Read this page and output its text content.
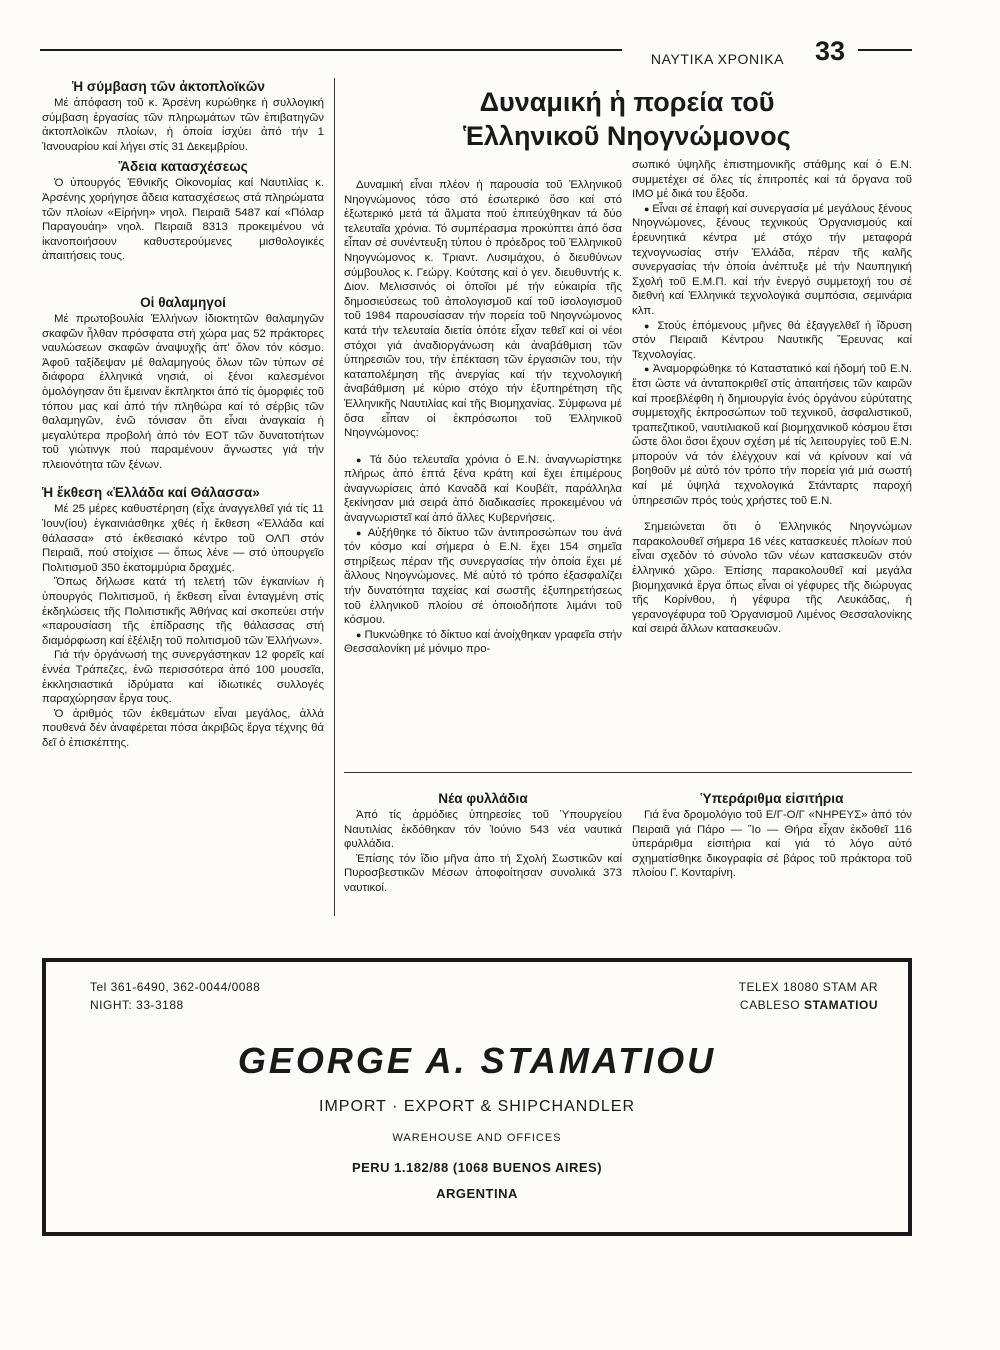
ΝΑΥΤΙΚΑ ΧΡΟΝΙΚΑ	33
Ἡ σύμβαση τῶν ἀκτοπλοϊκῶν

Μέ ἀπόφαση τοῦ κ. Ἀρσένη κυρώθηκε ἡ συλλογική σύμβαση ἐργασίας τῶν πληρωμάτων τῶν ἐπιβατηγῶν ἀκτοπλοϊκῶν πλοίων, ἡ ὁποία ἰσχύει ἀπό τήν 1 Ἰανουαρίου καί λήγει στίς 31 Δεκεμβρίου.

Ἄδεια κατασχέσεως

Ὁ ὑπουργός Ἐθνικῆς Οἰκονομίας καί Ναυτιλίας κ. Ἀρσένης χορήγησε ἄδεια κατασχέσεως στά πληρώματα τῶν πλοίων «Εἰρήνη» νηολ. Πειραιᾶ 5487 καί «Πόλαρ Παραγουάη» νηολ. Πειραιᾶ 8313 προκειμένου νά ἱκανοποιήσουν καθυστερούμενες μισθολογικές ἀπαιτήσεις τους.

Οἱ θαλαμηγοί

Μέ πρωτοβουλία Ἑλλήνων ἰδιοκτητῶν θαλαμηγῶν σκαφῶν ἦλθαν πρόσφατα στή χώρα μας 52 πράκτορες ναυλώσεων σκαφῶν ἀναψυχῆς ἀπ' ὅλον τόν κόσμο. Ἀφοῦ ταξίδεψαν μέ θαλαμηγούς ὅλων τῶν τύπων σέ διάφορα ἑλληνικά νησιά, οἱ ξένοι καλεσμένοι ὁμολόγησαν ὅτι ἔμειναν ἔκπληκτοι ἀπό τίς ὀμορφιές τοῦ τόπου μας καί ἀπό τήν πληθώρα καί τό σέρβις τῶν θαλαμηγῶν, ἐνῶ τόνισαν ὅτι εἶναι ἀναγκαία ἡ μεγαλύτερα προβολή ἀπό τόν ΕΟΤ τῶν δυνατοτήτων τοῦ γιώτινγκ πού παραμένουν ἄγνωστες γιά τήν πλειονότητα τῶν ξένων.

Ἡ ἔκθεση «Ἑλλάδα καί Θάλασσα»

Μέ 25 μέρες καθυστέρηση (εἶχε ἀναγγελθεῖ γιά τίς 11 Ἰουν(ίου) ἐγκαινιάσθηκε χθές ἡ ἔκθεση «Ἑλλάδα καί θάλασσα» στό ἐκθεσιακό κέντρο τοῦ ΟΛΠ στόν Πειραιᾶ, πού στοίχισε — ὅπως λένε — στό ὑπουργεῖο Πολιτισμοῦ 350 ἑκατομμύρια δραχμές.

Ὅπως δήλωσε κατά τή τελετή τῶν ἐγκαινίων ἡ ὑπουργός Πολιτισμοῦ, ἡ ἔκθεση εἶναι ἐνταγμένη στίς ἐκδηλώσεις τῆς Πολιτιστικῆς Ἀθήνας καί σκοπεύει στήν «παρουσίαση τῆς ἐπίδρασης τῆς θάλασσας στή διαμόρφωση καί ἐξέλιξη τοῦ πολιτισμοῦ τῶν Ἑλλήνων».

Γιά τήν ὀργάνωσή της συνεργάστηκαν 12 φορεῖς καί ἐννέα Τράπεζες, ἐνῶ περισσότερα ἀπό 100 μουσεῖα, ἐκκλησιαστικά ἱδρύματα καί ἰδιωτικές συλλογές παραχώρησαν ἔργα τους.

Ὁ ἀριθμός τῶν ἐκθεμάτων εἶναι μεγάλος, ἀλλά πουθενά δέν ἀναφέρεται πόσα ἀκριβῶς ἔργα τέχνης θά δεῖ ὁ ἐπισκέπτης.

Δυναμική ἡ πορεία τοῦ
Ἑλληνικοῦ Νηογνώμονος

Δυναμική εἶναι πλέον ἡ παρουσία τοῦ Ἑλληνικοῦ Νηογνώμονος τόσο στό ἐσωτερικό ὅσο καί στό ἐξωτερικό μετά τά ἅλματα πού ἐπιτεύχθηκαν τά δύο τελευταῖα χρόνια. Τό συμπέρασμα προκύπτει ἀπό ὅσα εἶπαν σέ συνέντευξη τύπου ὁ πρόεδρος τοῦ Ἑλληνικοῦ Νηογνώμονος κ. Τριαντ. Λυσιμάχου, ὁ διευθύνων σύμβουλος κ. Γεώργ. Κούτσης καί ὁ γεν. διευθυντής κ. Διον. Μελισσινός οἱ ὁποῖοι μέ τήν εὐκαιρία τῆς δημοσιεύσεως τοῦ ἀπολογισμοῦ καί τοῦ ἰσολογισμοῦ τοῦ 1984 παρουσίασαν τήν πορεία τοῦ Νηογνώμονος κατά τήν τελευταία διετία ὁπότε εἶχαν τεθεῖ καί οἱ νέοι στόχοι γιά ἀναδιοργάνωση κάι ἀναβάθμιση τῶν ὑπηρεσιῶν του, τήν ἐπέκταση τῶν ἐργασιῶν του, τήν καταπολέμηση τῆς ἀνεργίας καί τήν τεχνολογική ἀναβάθμιση μέ κύριο στόχο τήν ἐξυπηρέτηση τῆς Ἑλληνικῆς Ναυτιλίας καί τῆς Βιομηχανίας. Σύμφωνα μέ ὅσα εἶπαν οἱ ἐκπρόσωποι τοῦ Ἑλληνικοῦ Νηογνώμονος:

● Τά δύο τελευταῖα χρόνια ὁ Ε.Ν. ἀναγνωρίστηκε πλήρως ἀπό ἑπτά ξένα κράτη καί ἔχει ἐπιμέρους ἀναγνωρίσεις ἀπό Καναδᾶ καί Κουβέϊτ, παράλληλα ξεκίνησαν μιά σειρά ἀπό διαδικασίες προκειμένου νά ἀναγνωριστεῖ καί ἀπό ἄλλες Κυβερνήσεις.

● Αὐξήθηκε τό δίκτυο τῶν ἀντιπροσώπων του ἀνά τόν κόσμο καί σήμερα ὁ Ε.Ν. ἔχει 154 σημεῖα στηρίξεως πέραν τῆς συνεργασίας τήν ὁποία ἔχει μέ ἄλλους Νηογνώμονες. Μέ αὐτό τό τρόπο ἐξασφαλίζει τήν δυνατότητα ταχείας καί σωστῆς ἐξυπηρετήσεως τοῦ ἑλληνικοῦ πλοίου σέ ὁποιοδήποτε λιμάνι τοῦ κόσμου.

● Πυκνώθηκε τό δίκτυο καί ἀνοίχθηκαν γραφεῖα στήν Θεσσαλονίκη μέ μόνιμο προ-

σωπικό ὑψηλῆς ἐπιστημονικῆς στάθμης καί ὁ Ε.Ν. συμμετέχει σέ ὅλες τίς ἐπιτροπές καί τά ὄργανα τοῦ ΙΜΟ μέ δικά του ἔξοδα.

● Εἶναι σέ ἐπαφή καί συνεργασία μέ μεγάλους ξένους Νηογνώμονες, ξένους τεχνικούς Ὀργανισμούς καί ἐρευνητικά κέντρα μέ στόχο τήν μεταφορά τεχνογνωσίας στήν Ἑλλάδα, πέραν τῆς καλῆς συνεργασίας τήν ὁποία ἀνέπτυξε μέ τήν Ναυπηγική Σχολή τοῦ Ε.Μ.Π. καί τήν ἐνεργό συμμετοχή του σέ διεθνή καί Ἑλληνικά τεχνολογικά συμπόσια, σεμινάρια κλπ.

● Στούς ἑπόμενους μῆνες θά ἐξαγγελθεῖ ἡ ἵδρυση στόν Πειραιᾶ Κέντρου Ναυτικῆς Ἔρευνας καί Τεχνολογίας.

● Ἀναμορφώθηκε τό Καταστατικό καί ἡδομή τοῦ Ε.Ν. ἔτσι ὥστε νά ἀνταποκριθεῖ στίς ἀπαιτήσεις τῶν καιρῶν καί προεβλέφθη ἡ δημιουργία ἑνός ὀργάνου εὐρύτατης συμμετοχῆς ἐκπροσώπων τοῦ τεχνικοῦ, ἀσφαλιστικοῦ, τραπεζιτικοῦ, ναυτιλιακοῦ καί βιομηχανικοῦ κόσμου ἔτσι ὥστε ὅλοι ὅσοι ἔχουν σχέση μέ τίς λειτουργίες τοῦ Ε.Ν. μπορούν νά τόν ἐλέγχουν καί νά κρίνουν καί νά βοηθοῦν μέ αὐτό τόν τρόπο τήν πορεία γιά μιά σωστή καί μέ ὑψηλά τεχνολογικά Στάνταρτς παροχή ὑπηρεσιῶν πρός τούς χρήστες τοῦ Ε.Ν.

Σημειώνεται ὅτι ὁ Ἑλληνικός Νηογνώμων παρακολουθεῖ σήμερα 16 νέες κατασκευές πλοίων πού εἶναι σχεδόν τό σύνολο τῶν νέων κατασκευῶν στόν ἑλληνικό χῶρο. Ἐπίσης παρακολουθεῖ καί μεγάλα βιομηχανικά ἔργα ὅπως εἶναι οἱ γέφυρες τῆς διώρυγας τῆς Κορίνθου, ἡ γέφυρα τῆς Λευκάδας, ἡ γερανογέφυρα τοῦ Ὀργανισμοῦ Λιμένος Θεσσαλονίκης καί σειρά ἄλλων κατασκευῶν.

Νέα φυλλάδια

Ἀπό τίς ἁρμόδιες ὑπηρεσίες τοῦ Ὑπουργείου Ναυτιλίας ἐκδόθηκαν τόν Ἰούνιο 543 νέα ναυτικά φυλλάδια.

Ἐπίσης τόν ἴδιο μῆνα ἀπο τή Σχολή Σωστικῶν καί Πυροσβεστικῶν Μέσων ἀποφοίτησαν συνολικά 373 ναυτικοί.

Ὑπεράριθμα εἰσιτήρια

Γιά ἕνα δρομολόγιο τοῦ Ε/Γ-Ο/Γ «ΝΗΡΕΥΣ» ἀπό τόν Πειραιᾶ γιά Πάρο — Ἴο — Θήρα εἶχαν ἐκδοθεῖ 116 ὑπεράριθμα εἰσιτήρια καί γιά τό λόγο αὐτό σχηματίσθηκε δικογραφία σέ βάρος τοῦ πράκτορα τοῦ πλοίου Γ. Κονταρίνη.

Tel 361-6490, 362-0044/0088
NIGHT: 33-3188
TELEX 18080 STAM AR
CABLESO STAMATIOU
GEORGE A. STAMATIOU
IMPORT · EXPORT & SHIPCHANDLER
WAREHOUSE AND OFFICES
PERU 1.182/88 (1068 BUENOS AIRES)
ARGENTINA
